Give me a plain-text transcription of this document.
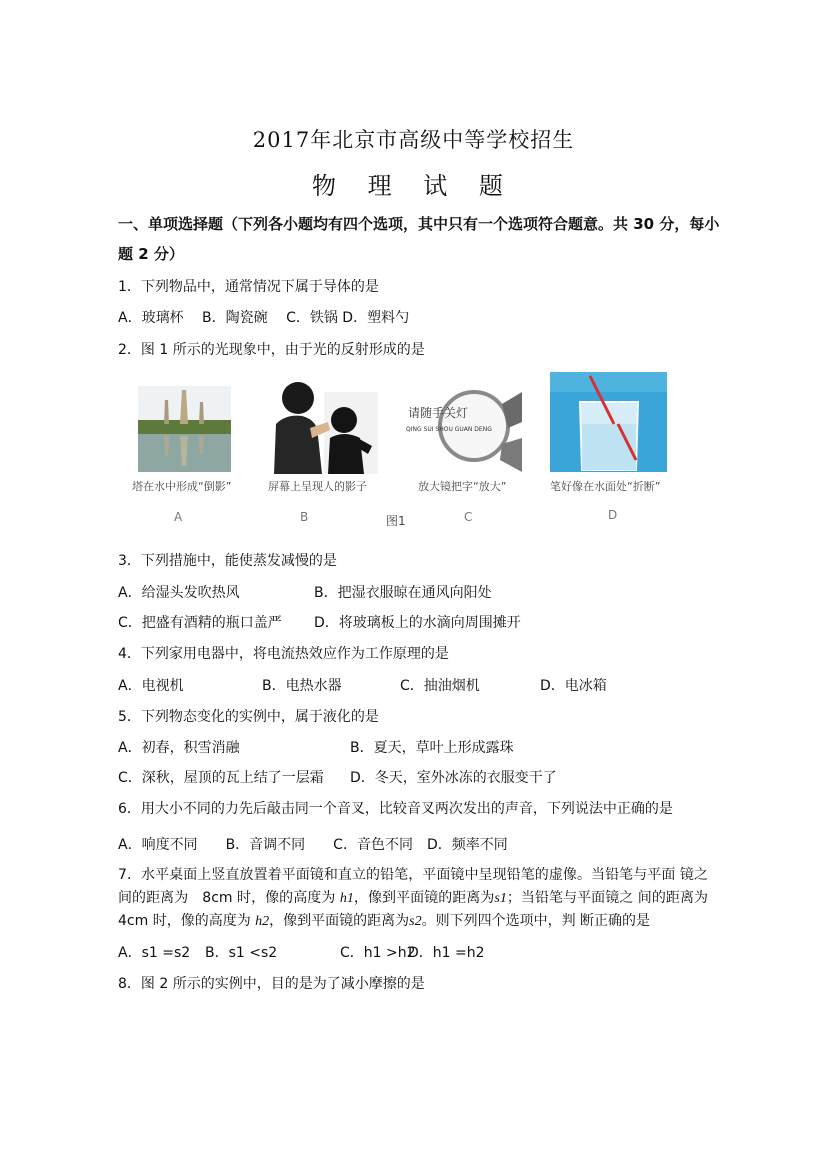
2017年北京市高级中等学校招生
物 理 试 题
一、单项选择题（下列各小题均有四个选项，其中只有一个选项符合题意。共 30 分，每小
题 2 分）
1．下列物品中，通常情况下属于导体的是
A．玻璃杯　 B．陶瓷碗　 C．铁锅 D．塑料勺
2．图 1 所示的光现象中，由于光的反射形成的是
塔在水中形成“倒影”
A
屏幕上呈现人的影子
B
请随手关灯
QING SUI SHOU GUAN DENG
放大镜把字“放大”
C
图1
笔好像在水面处“折断”
D
3．下列措施中，能使蒸发减慢的是
A．给湿头发吹热风	B．把湿衣服晾在通风向阳处
C．把盛有酒精的瓶口盖严 D．将玻璃板上的水滴向周围摊开
4．下列家用电器中，将电流热效应作为工作原理的是
A．电视机	B．电热水器	C．抽油烟机	D．电冰箱
5．下列物态变化的实例中，属于液化的是
A．初春，积雪消融	B．夏天，草叶上形成露珠
C．深秋，屋顶的瓦上结了一层霜 D．冬天，室外冰冻的衣服变干了
6．用大小不同的力先后敲击同一个音叉，比较音叉两次发出的声音，下列说法中正确的是
A．响度不同　　B．音调不同　　C．音色不同　D．频率不同
7．水平桌面上竖直放置着平面镜和直立的铅笔，平面镜中呈现铅笔的虚像。当铅笔与平面 镜之间的距离为　8cm 时，像的高度为 h1，像到平面镜的距离为s1；当铅笔与平面镜之 间的距离为　4cm 时，像的高度为 h2，像到平面镜的距离为s2。则下列四个选项中，判 断正确的是
A．s1 =s2 B．s1 <s2	C．h1 >h2
D．h1 =h2
8．图 2 所示的实例中，目的是为了减小摩擦的是
